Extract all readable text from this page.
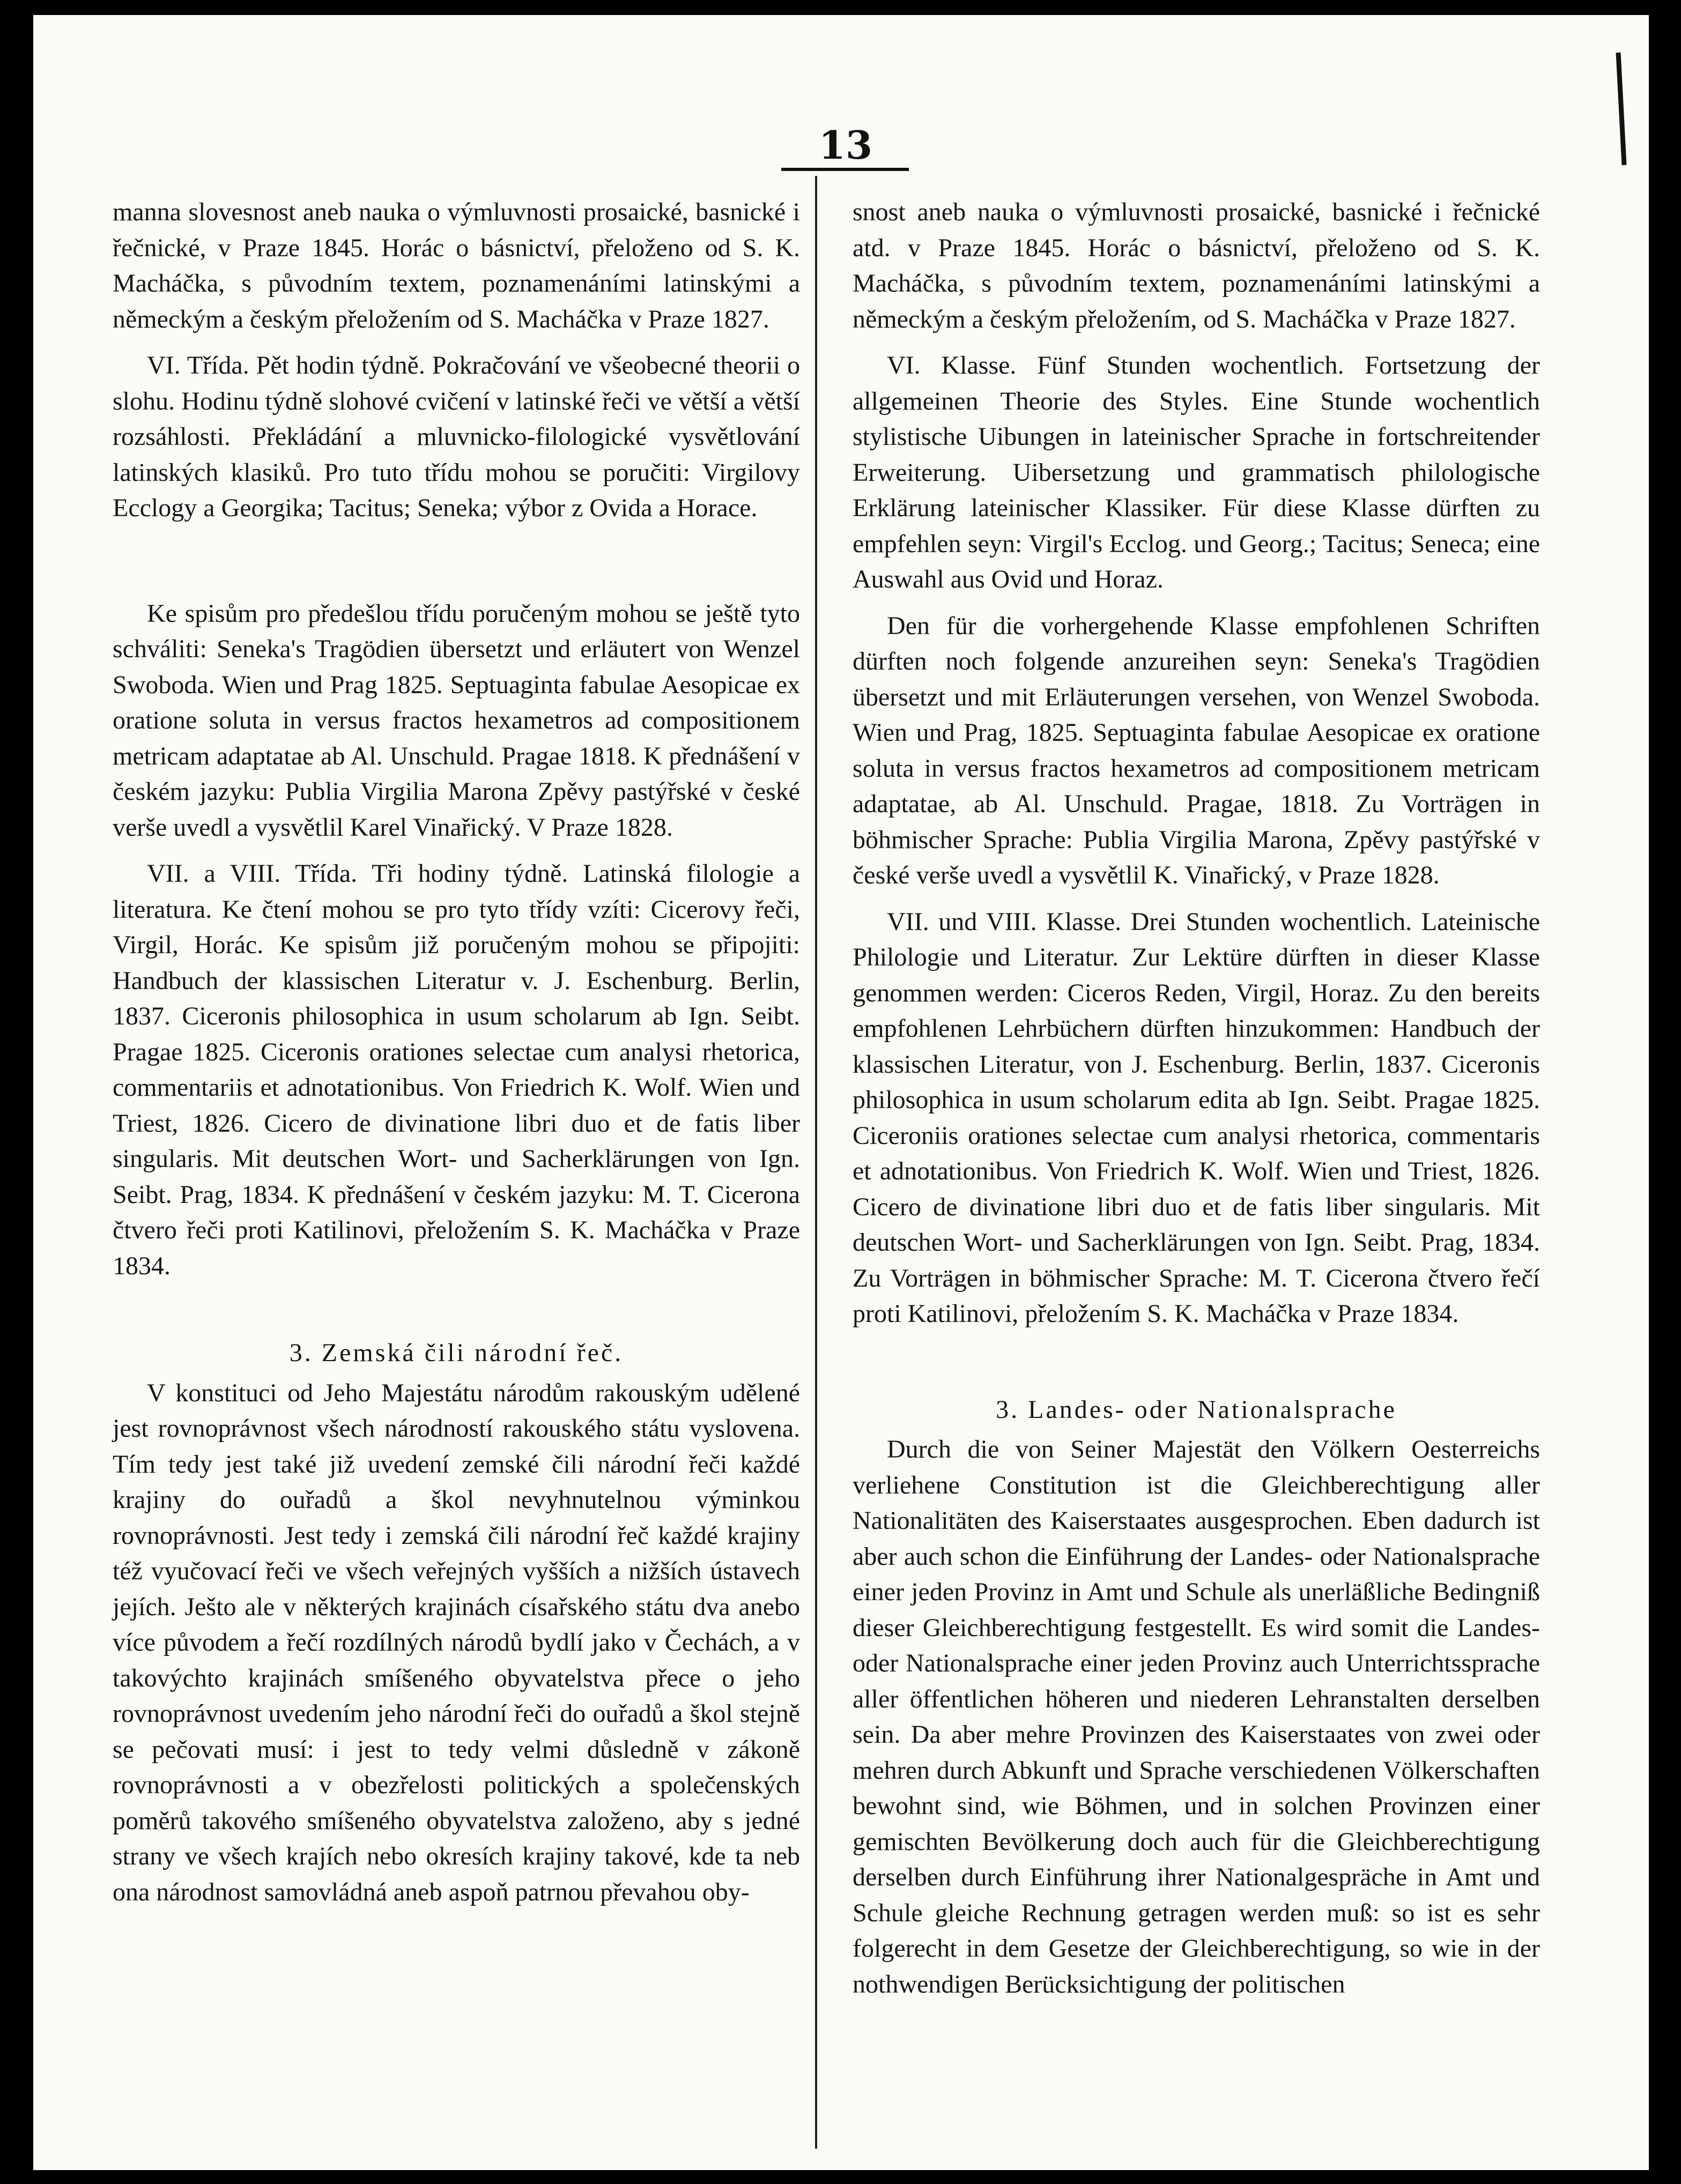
13

manna slovesnost aneb nauka o výmluvnosti prosaické, basnické i řečnické, v Praze 1845. Horác o básnictví, přeloženo od S. K. Macháčka, s původním textem, poznamenáními latinskými a německým a českým přeložením od S. Macháčka v Praze 1827.

VI. Třída. Pět hodin týdně. Pokračování ve všeobecné theorii o slohu. Hodinu týdně slohové cvičení v latinské řeči ve větší a větší rozsáhlosti. Překládání a mluvnicko-filologické vysvětlování latinských klasiků. Pro tuto třídu mohou se poručiti: Virgilovy Ecclogy a Georgika; Tacitus; Seneka; výbor z Ovida a Horace.

Ke spisům pro předešlou třídu poručeným mohou se ještě tyto schváliti: Seneka's Tragödien übersetzt und erläutert von Wenzel Swoboda. Wien und Prag 1825. Septuaginta fabulae Aesopicae ex oratione soluta in versus fractos hexametros ad compositionem metricam adaptatae ab Al. Unschuld. Pragae 1818. K přednášení v českém jazyku: Publia Virgilia Marona Zpěvy pastýřské v české verše uvedl a vysvětlil Karel Vinařický. V Praze 1828.

VII. a VIII. Třída. Tři hodiny týdně. Latinská filologie a literatura. Ke čtení mohou se pro tyto třídy vzíti: Cicerovy řeči, Virgil, Horác. Ke spisům již poručeným mohou se připojiti: Handbuch der klassischen Literatur v. J. Eschenburg. Berlin, 1837. Ciceronis philosophica in usum scholarum ab Ign. Seibt. Pragae 1825. Ciceronis orationes selectae cum analysi rhetorica, commentariis et adnotationibus. Von Friedrich K. Wolf. Wien und Triest, 1826. Cicero de divinatione libri duo et de fatis liber singularis. Mit deutschen Wort- und Sacherklärungen von Ign. Seibt. Prag, 1834. K přednášení v českém jazyku: M. T. Cicerona čtvero řeči proti Katilinovi, přeložením S. K. Macháčka v Praze 1834.

3. Zemská čili národní řeč.

V konstituci od Jeho Majestátu národům rakouským udělené jest rovnoprávnost všech národností rakouského státu vyslovena. Tím tedy jest také již uvedení zemské čili národní řeči každé krajiny do ouřadů a škol nevyhnutelnou výminkou rovnoprávnosti. Jest tedy i zemská čili národní řeč každé krajiny též vyučovací řeči ve všech veřejných vyšších a nižších ústavech jejích. Ješto ale v některých krajinách císařského státu dva anebo více původem a řečí rozdílných národů bydlí jako v Čechách, a v takovýchto krajinách smíšeného obyvatelstva přece o jeho rovnoprávnost uvedením jeho národní řeči do ouřadů a škol stejně se pečovati musí: i jest to tedy velmi důsledně v zákoně rovnoprávnosti a v obezřelosti politických a společenských poměrů takového smíšeného obyvatelstva založeno, aby s jedné strany ve všech krajích nebo okresích krajiny takové, kde ta neb ona národnost samovládná aneb aspoň patrnou převahou oby-

snost aneb nauka o výmluvnosti prosaické, basnické i řečnické atd. v Praze 1845. Horác o básnictví, přeloženo od S. K. Macháčka, s původním textem, poznamenáními latinskými a německým a českým přeložením, od S. Macháčka v Praze 1827.

VI. Klasse. Fünf Stunden wochentlich. Fortsetzung der allgemeinen Theorie des Styles. Eine Stunde wochentlich stylistische Uibungen in lateinischer Sprache in fortschreitender Erweiterung. Uibersetzung und grammatisch philologische Erklärung lateinischer Klassiker. Für diese Klasse dürften zu empfehlen seyn: Virgil's Ecclog. und Georg.; Tacitus; Seneca; eine Auswahl aus Ovid und Horaz.

Den für die vorhergehende Klasse empfohlenen Schriften dürften noch folgende anzureihen seyn: Seneka's Tragödien übersetzt und mit Erläuterungen versehen, von Wenzel Swoboda. Wien und Prag, 1825. Septuaginta fabulae Aesopicae ex oratione soluta in versus fractos hexametros ad compositionem metricam adaptatae, ab Al. Unschuld. Pragae, 1818. Zu Vorträgen in böhmischer Sprache: Publia Virgilia Marona, Zpěvy pastýřské v české verše uvedl a vysvětlil K. Vinařický, v Praze 1828.

VII. und VIII. Klasse. Drei Stunden wochentlich. Lateinische Philologie und Literatur. Zur Lektüre dürften in dieser Klasse genommen werden: Ciceros Reden, Virgil, Horaz. Zu den bereits empfohlenen Lehrbüchern dürften hinzukommen: Handbuch der klassischen Literatur, von J. Eschenburg. Berlin, 1837. Ciceronis philosophica in usum scholarum edita ab Ign. Seibt. Pragae 1825. Ciceroniis orationes selectae cum analysi rhetorica, commentaris et adnotationibus. Von Friedrich K. Wolf. Wien und Triest, 1826. Cicero de divinatione libri duo et de fatis liber singularis. Mit deutschen Wort- und Sacherklärungen von Ign. Seibt. Prag, 1834. Zu Vorträgen in böhmischer Sprache: M. T. Cicerona čtvero řečí proti Katilinovi, přeložením S. K. Macháčka v Praze 1834.

3. Landes- oder Nationalsprache

Durch die von Seiner Majestät den Völkern Oesterreichs verliehene Constitution ist die Gleichberechtigung aller Nationalitäten des Kaiserstaates ausgesprochen. Eben dadurch ist aber auch schon die Einführung der Landes- oder Nationalsprache einer jeden Provinz in Amt und Schule als unerläßliche Bedingniß dieser Gleichberechtigung festgestellt. Es wird somit die Landes- oder Nationalsprache einer jeden Provinz auch Unterrichtssprache aller öffentlichen höheren und niederen Lehranstalten derselben sein. Da aber mehre Provinzen des Kaiserstaates von zwei oder mehren durch Abkunft und Sprache verschiedenen Völkerschaften bewohnt sind, wie Böhmen, und in solchen Provinzen einer gemischten Bevölkerung doch auch für die Gleichberechtigung derselben durch Einführung ihrer Nationalgespräche in Amt und Schule gleiche Rechnung getragen werden muß: so ist es sehr folgerecht in dem Gesetze der Gleichberechtigung, so wie in der nothwendigen Berücksichtigung der politischen
